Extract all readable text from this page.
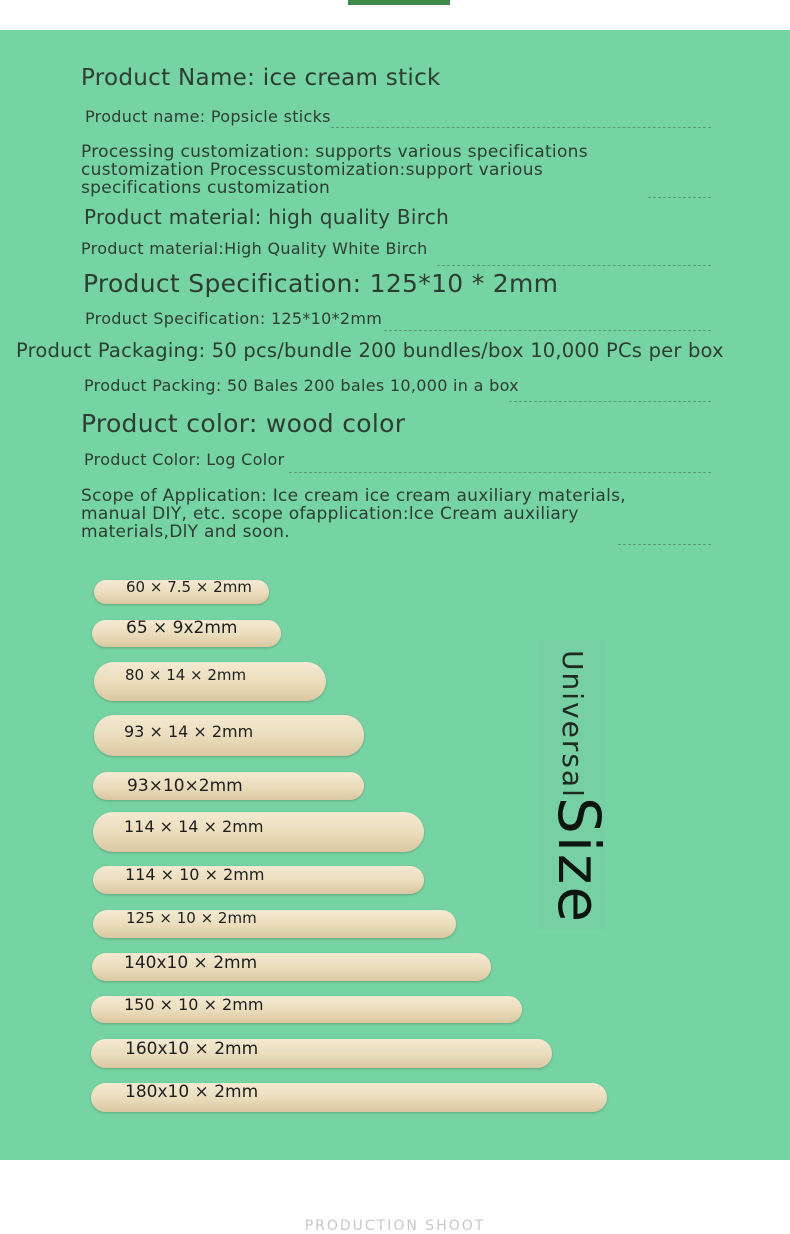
Product Name: ice cream stick
Product name: Popsicle sticks
Processing customization: supports various specifications customization Processcustomization:support various specifications customization
Product material: high quality Birch
Product material:High Quality White Birch
Product Specification: 125*10 * 2mm
Product Specification: 125*10*2mm
Product Packaging: 50 pcs/bundle 200 bundles/box 10,000 PCs per box
Product Packing: 50 Bales 200 bales 10,000 in a box
Product color: wood color
Product Color: Log Color
Scope of Application: Ice cream ice cream auxiliary materials, manual DIY, etc. scope ofapplication:lce Cream auxiliary materials,DlY and soon.
60 × 7.5 × 2mm
65 × 9x2mm
80 × 14 × 2mm
93 × 14 × 2mm
93×10×2mm
114 × 14 × 2mm
114 × 10 × 2mm
125 × 10 × 2mm
140x10 × 2mm
150 × 10 × 2mm
160x10 × 2mm
180x10 × 2mm
Universal
Size
PRODUCTION SHOOT
